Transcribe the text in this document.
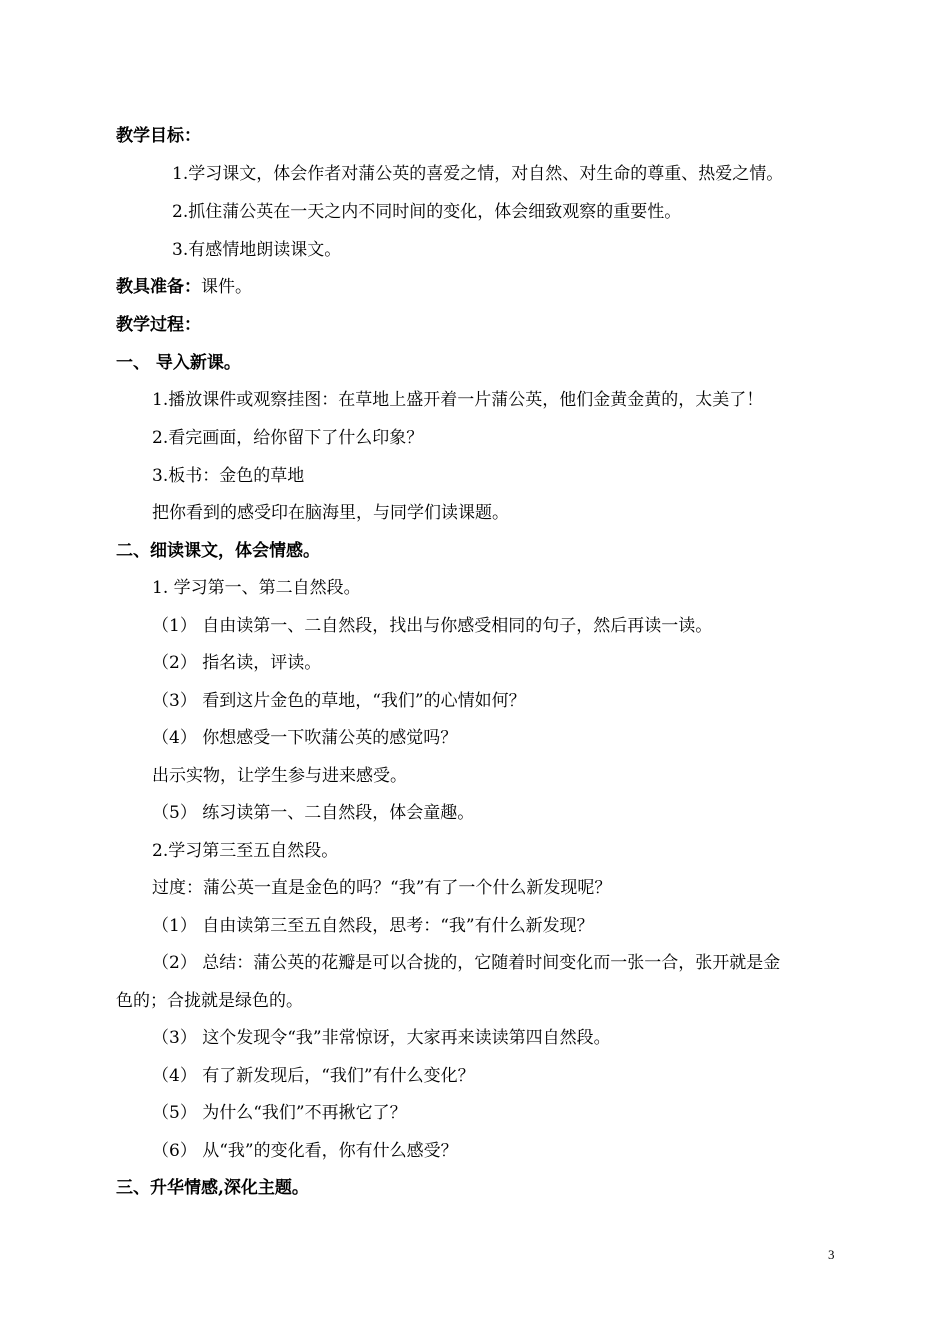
教学目标：
1.学习课文，体会作者对蒲公英的喜爱之情，对自然、对生命的尊重、热爱之情。
2.抓住蒲公英在一天之内不同时间的变化，体会细致观察的重要性。
3.有感情地朗读课文。
教具准备：课件。
教学过程：
一、 导入新课。
1.播放课件或观察挂图：在草地上盛开着一片蒲公英，他们金黄金黄的，太美了！
2.看完画面，给你留下了什么印象？
3.板书：金色的草地
把你看到的感受印在脑海里，与同学们读课题。
二、细读课文，体会情感。
1. 学习第一、第二自然段。
（1） 自由读第一、二自然段，找出与你感受相同的句子，然后再读一读。
（2） 指名读，评读。
（3） 看到这片金色的草地，“我们”的心情如何？
（4） 你想感受一下吹蒲公英的感觉吗？
出示实物，让学生参与进来感受。
（5） 练习读第一、二自然段，体会童趣。
2.学习第三至五自然段。
过度：蒲公英一直是金色的吗？“我”有了一个什么新发现呢？
（1） 自由读第三至五自然段，思考：“我”有什么新发现？
（2） 总结：蒲公英的花瓣是可以合拢的，它随着时间变化而一张一合，张开就是金
色的；合拢就是绿色的。
（3） 这个发现令“我”非常惊讶，大家再来读读第四自然段。
（4） 有了新发现后，“我们”有什么变化？
（5） 为什么“我们”不再揪它了？
（6） 从“我”的变化看，你有什么感受？
三、升华情感,深化主题。
3
